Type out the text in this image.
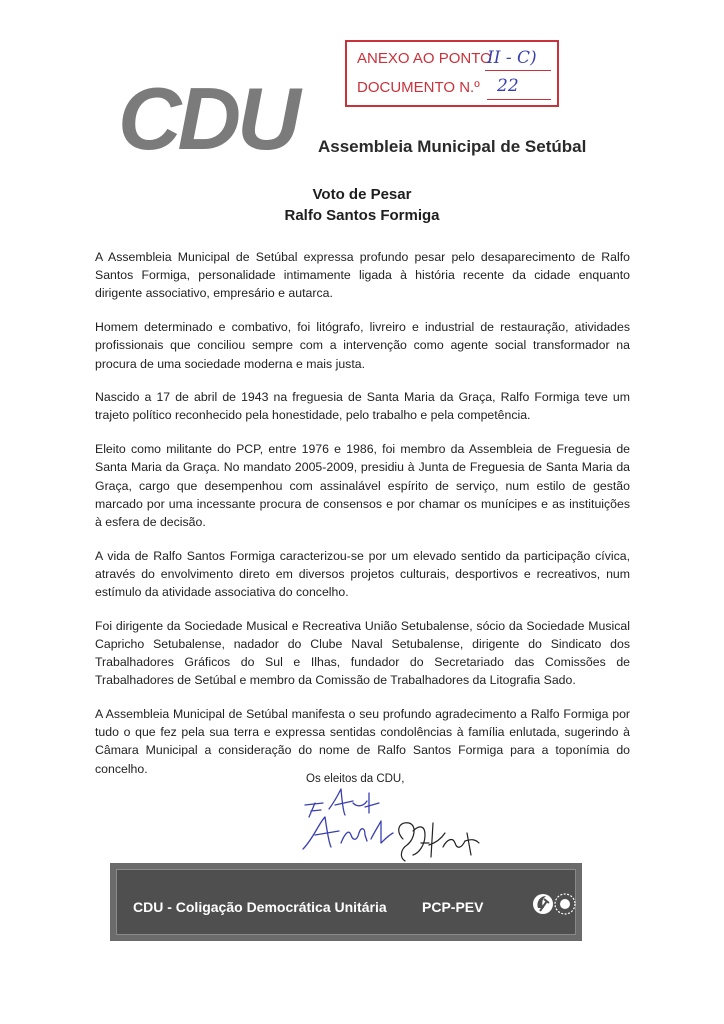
ANEXO AO PONTO
II - C)
DOCUMENTO N.º 22
CDU Assembleia Municipal de Setúbal
Voto de Pesar
Ralfo Santos Formiga

A Assembleia Municipal de Setúbal expressa profundo pesar pelo desaparecimento de Ralfo Santos Formiga, personalidade intimamente ligada à história recente da cidade enquanto dirigente associativo, empresário e autarca.

Homem determinado e combativo, foi litógrafo, livreiro e industrial de restauração, atividades profissionais que conciliou sempre com a intervenção como agente social transformador na procura de uma sociedade moderna e mais justa.

Nascido a 17 de abril de 1943 na freguesia de Santa Maria da Graça, Ralfo Formiga teve um trajeto político reconhecido pela honestidade, pelo trabalho e pela competência.

Eleito como militante do PCP, entre 1976 e 1986, foi membro da Assembleia de Freguesia de Santa Maria da Graça. No mandato 2005-2009, presidiu à Junta de Freguesia de Santa Maria da Graça, cargo que desempenhou com assinalável espírito de serviço, num estilo de gestão marcado por uma incessante procura de consensos e por chamar os munícipes e as instituições à esfera de decisão.

A vida de Ralfo Santos Formiga caracterizou-se por um elevado sentido da participação cívica, através do envolvimento direto em diversos projetos culturais, desportivos e recreativos, num estímulo da atividade associativa do concelho.

Foi dirigente da Sociedade Musical e Recreativa União Setubalense, sócio da Sociedade Musical Capricho Setubalense, nadador do Clube Naval Setubalense, dirigente do Sindicato dos Trabalhadores Gráficos do Sul e Ilhas, fundador do Secretariado das Comissões de Trabalhadores de Setúbal e membro da Comissão de Trabalhadores da Litografia Sado.

A Assembleia Municipal de Setúbal manifesta o seu profundo agradecimento a Ralfo Formiga por tudo o que fez pela sua terra e expressa sentidas condolências à família enlutada, sugerindo à Câmara Municipal a consideração do nome de Ralfo Santos Formiga para a toponímia do concelho.

Os eleitos da CDU,
CDU - Coligação Democrática Unitária	PCP-PEV
